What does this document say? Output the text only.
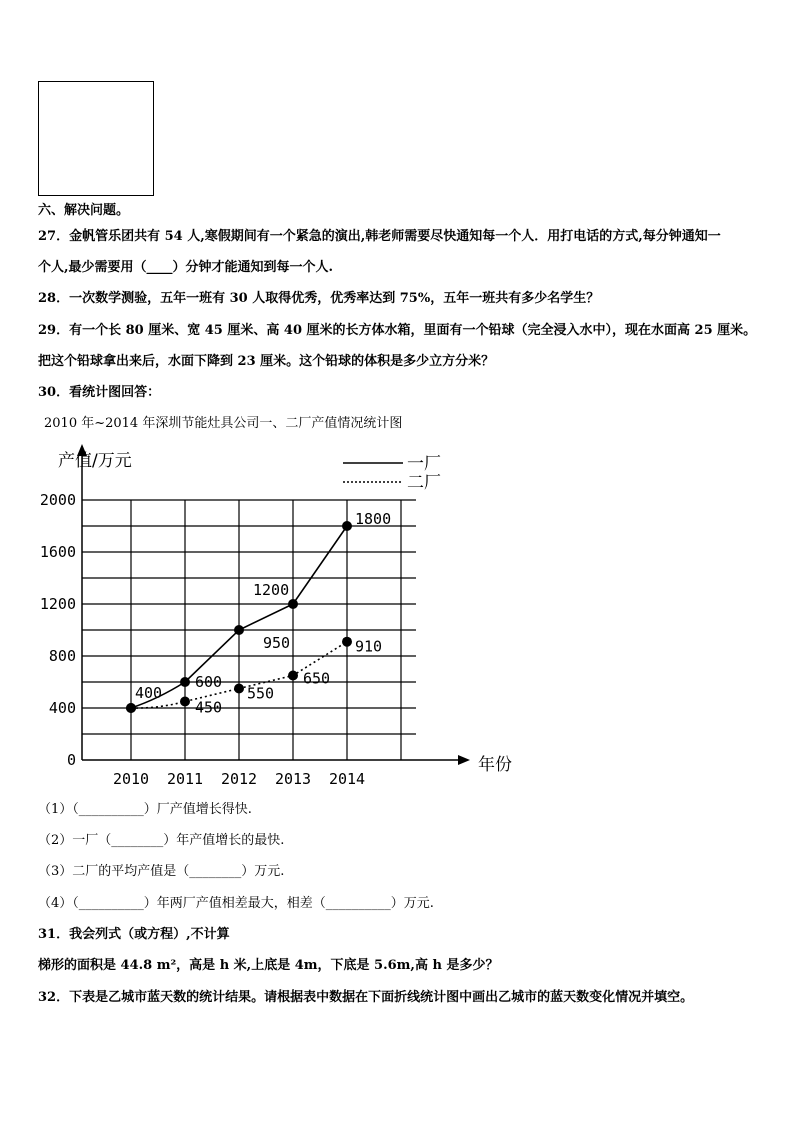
六、解决问题。
27．金帆管乐团共有 54 人,寒假期间有一个紧急的演出,韩老师需要尽快通知每一个人．用打电话的方式,每分钟通知一
个人,最少需要用（____）分钟才能通知到每一个人.
28．一次数学测验，五年一班有 30 人取得优秀，优秀率达到 75%，五年一班共有多少名学生？
29．有一个长 80 厘米、宽 45 厘米、高 40 厘米的长方体水箱，里面有一个铅球（完全浸入水中），现在水面高 25 厘米。
把这个铅球拿出来后，水面下降到 23 厘米。这个铅球的体积是多少立方分米？
30．看统计图回答：
2010 年~2014 年深圳节能灶具公司一、二厂产值情况统计图
产值/万元
年份
0
400
800
1200
1600
2000
2010 2011 2012 2013 2014
400
600
1200
1800
450
550
650
910
950
一厂
二厂
（1）（__________）厂产值增长得快.
（2）一厂（________）年产值增长的最快.
（3）二厂的平均产值是（________）万元.
（4）（__________）年两厂产值相差最大，相差（__________）万元.
31．我会列式（或方程）,不计算
梯形的面积是 44.8 m²，高是 h 米,上底是 4m，下底是 5.6m,高 h 是多少？
32．下表是乙城市蓝天数的统计结果。请根据表中数据在下面折线统计图中画出乙城市的蓝天数变化情况并填空。
